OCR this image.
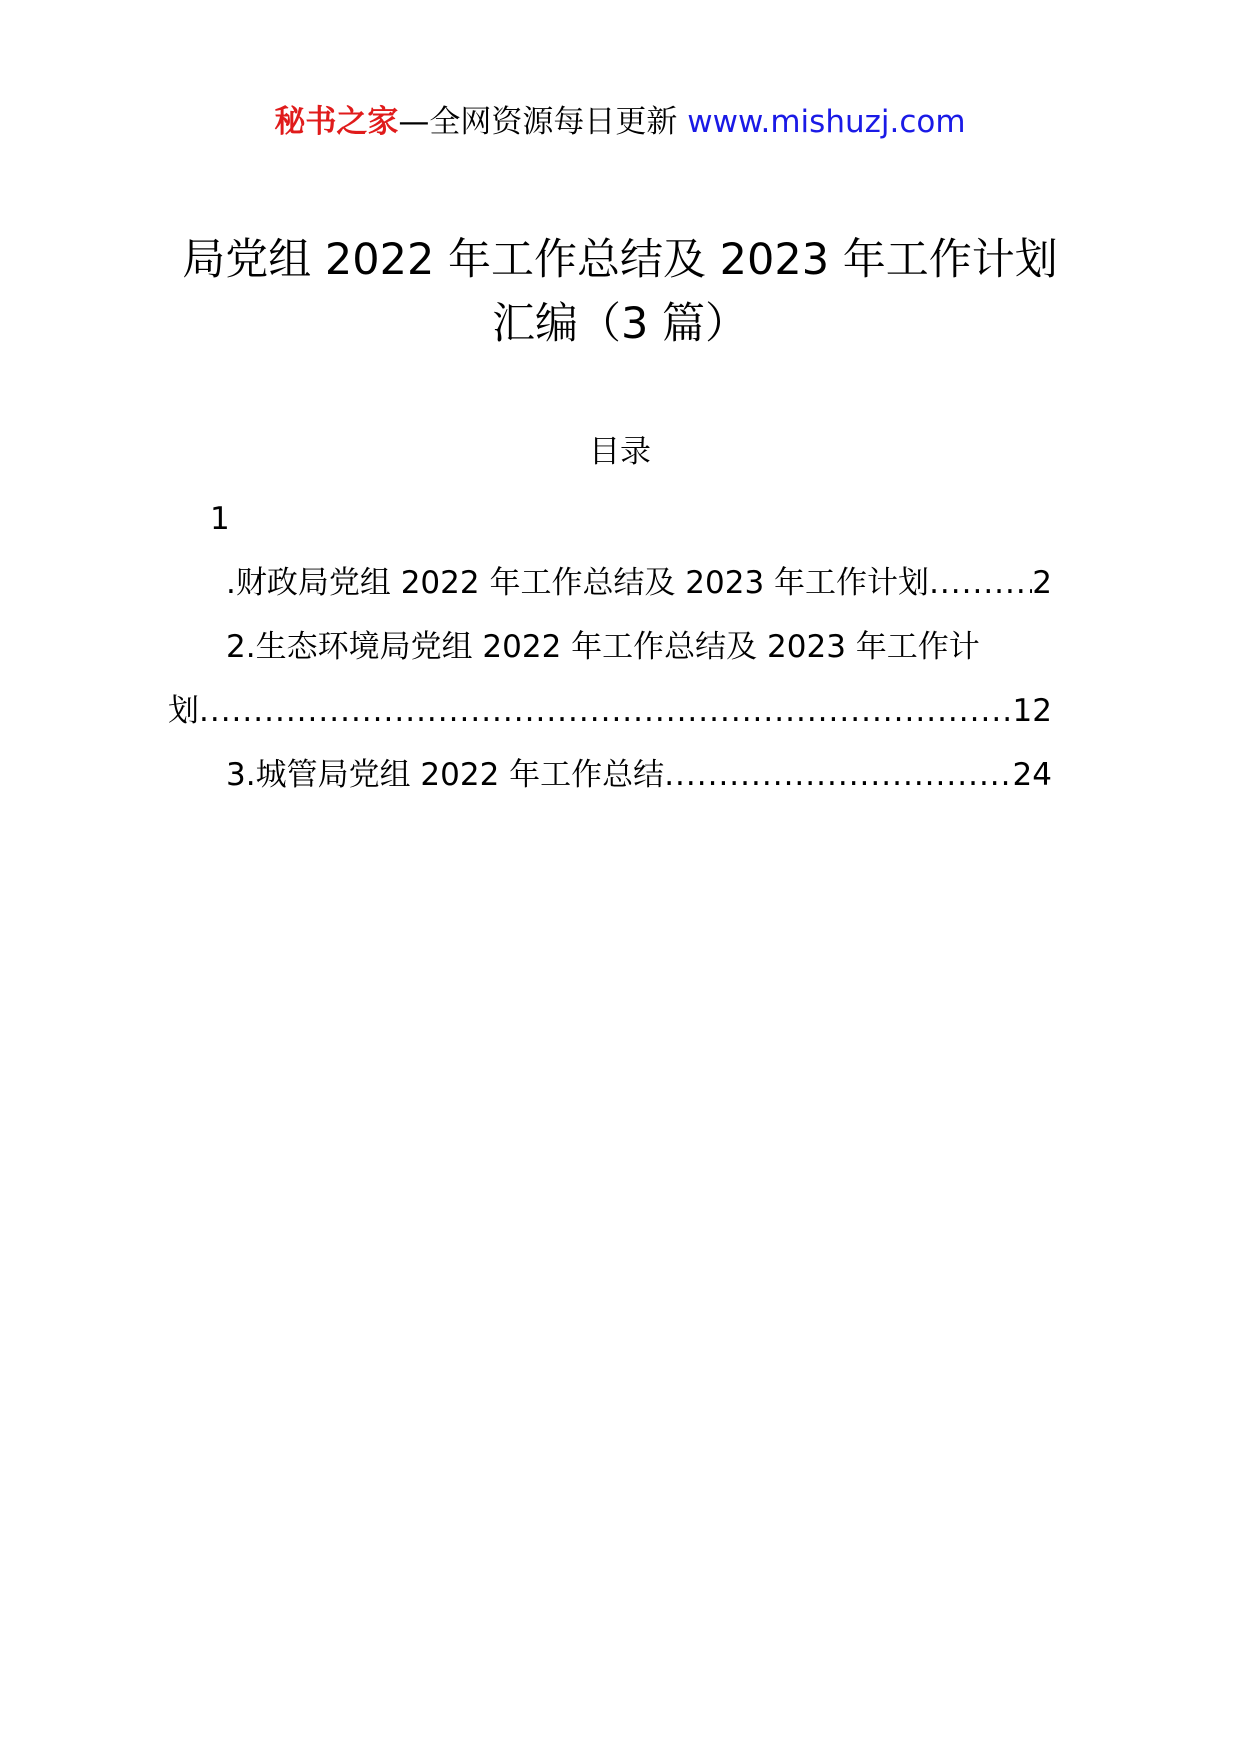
秘书之家—全网资源每日更新 www.mishuzj.com
局党组 2022 年工作总结及 2023 年工作计划
汇编（3 篇）
目录
1
.财政局党组 2022 年工作总结及 2023 年工作计划 .....	2
2.生态环境局党组 2022 年工作总结及 2023 年工作计
划 .....	12
3.城管局党组 2022 年工作总结 .....	24
